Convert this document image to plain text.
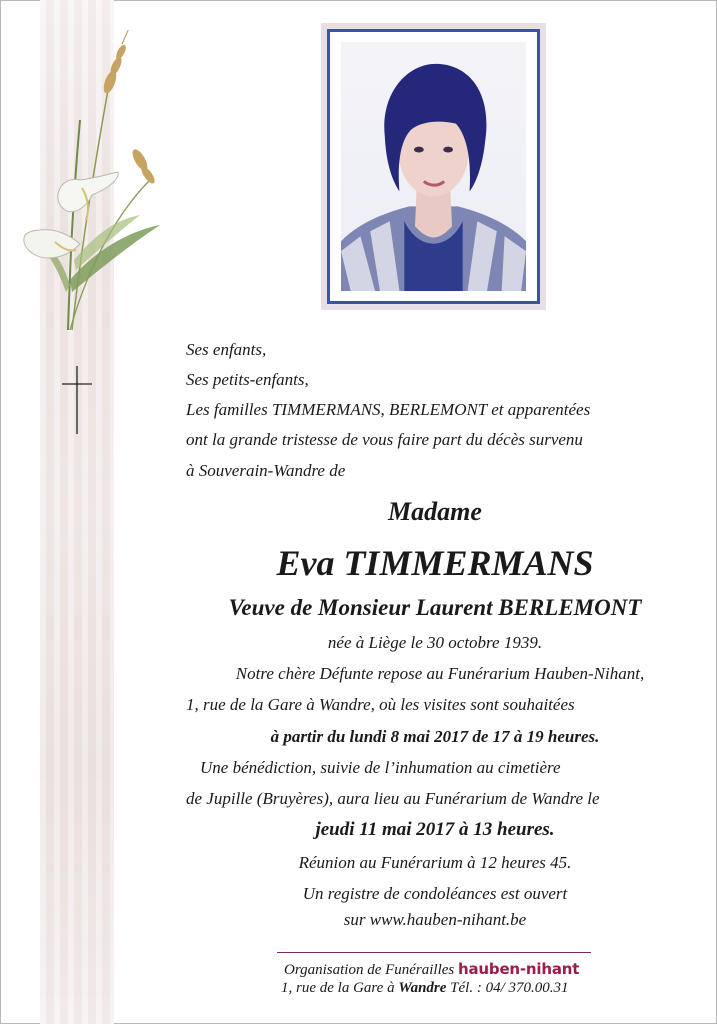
Ses enfants,
Ses petits-enfants,
Les familles TIMMERMANS, BERLEMONT et apparentées
ont la grande tristesse de vous faire part du décès survenu
à Souverain-Wandre de
Madame
Eva TIMMERMANS
Veuve de Monsieur Laurent BERLEMONT
née à Liège le 30 octobre 1939.
Notre chère Défunte repose au Funérarium Hauben-Nihant,
1, rue de la Gare à Wandre, où les visites sont souhaitées
à partir du lundi 8 mai 2017 de 17 à 19 heures.
Une bénédiction, suivie de l’inhumation au cimetière
de Jupille (Bruyères), aura lieu au Funérarium de Wandre le
jeudi 11 mai 2017 à 13 heures.
Réunion au Funérarium à 12 heures 45.
Un registre de condoléances est ouvert
sur www.hauben-nihant.be
Organisation de Funérailles hauben-nihant
1, rue de la Gare à Wandre Tél. : 04/ 370.00.31
